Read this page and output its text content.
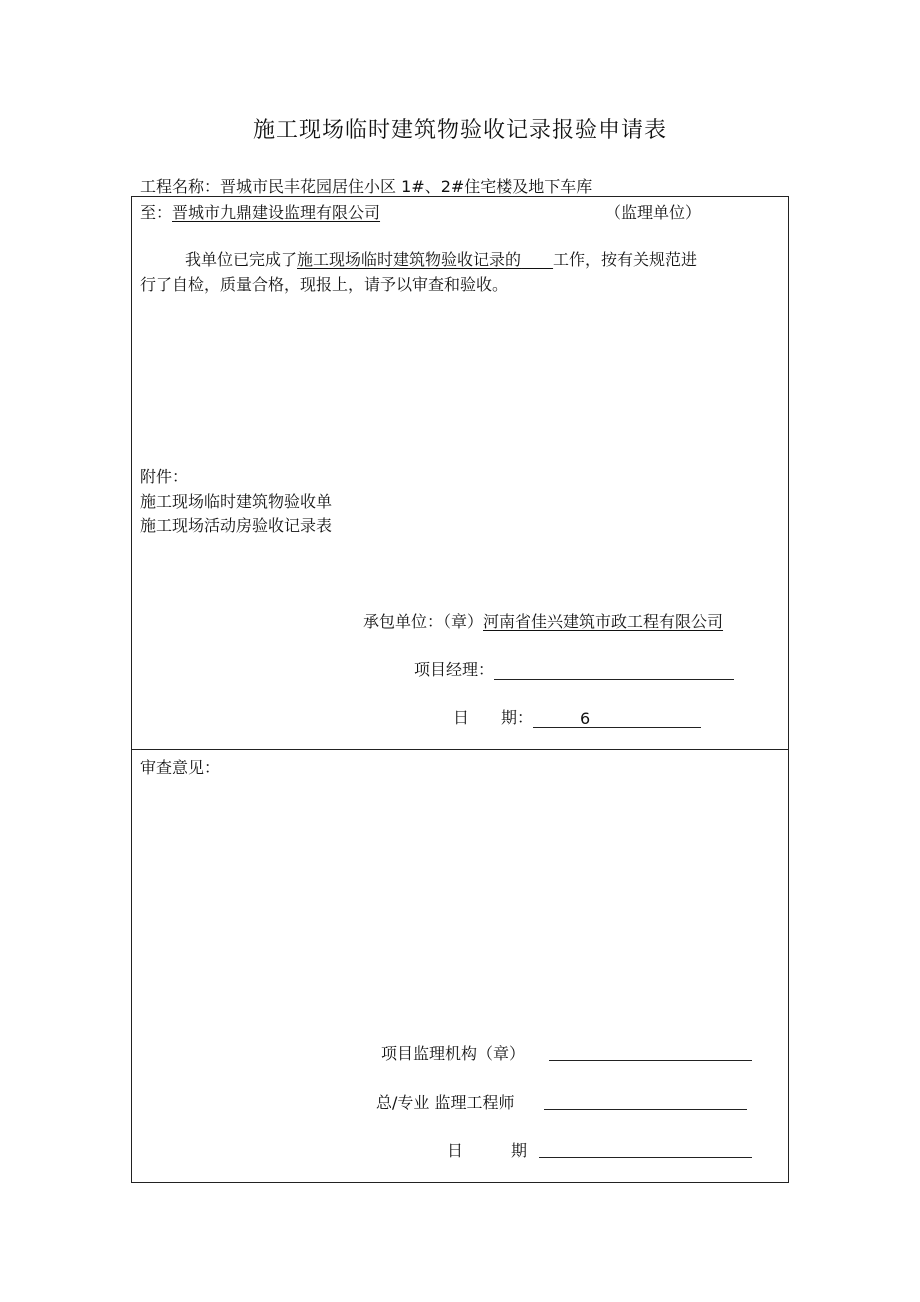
施工现场临时建筑物验收记录报验申请表
工程名称：晋城市民丰花园居住小区 1#、2#住宅楼及地下车库
至：晋城市九鼎建设监理有限公司	（监理单位）
我单位已完成了施工现场临时建筑物验收记录的　　 工作，按有关规范进
行了自检，质量合格，现报上，请予以审查和验收。
附件：
施工现场临时建筑物验收单
施工现场活动房验收记录表
承包单位：（章）河南省佳兴建筑市政工程有限公司
项目经理：
日　　期：	6
审查意见：
项目监理机构（章）
总/专业 监理工程师
日　　　期
